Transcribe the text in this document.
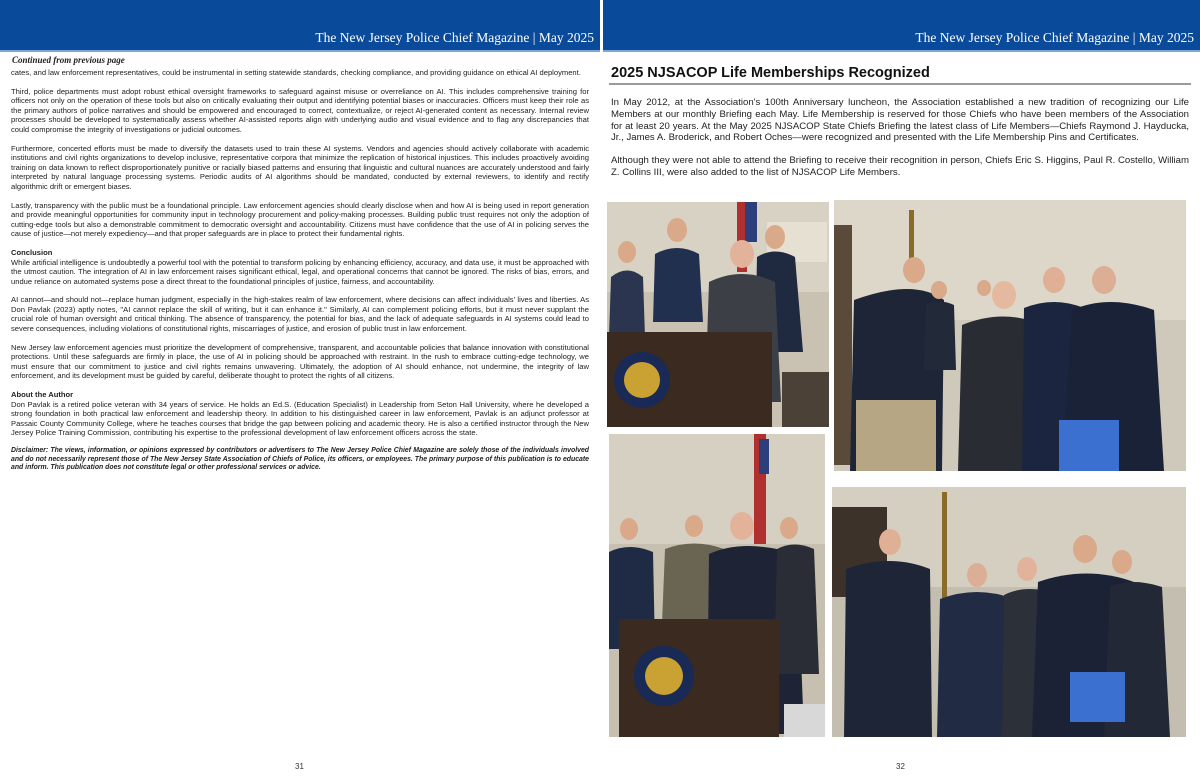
The New Jersey Police Chief Magazine | May 2025	The New Jersey Police Chief Magazine | May 2025
Continued from previous page

cates, and law enforcement representatives, could be instrumental in setting statewide standards, checking compliance, and providing guidance on ethical AI deployment.

Third, police departments must adopt robust ethical oversight frameworks to safeguard against misuse or overreliance on AI. This includes comprehensive training for officers not only on the operation of these tools but also on critically evaluating their output and identifying potential biases or inaccuracies. Officers must keep their role as the primary authors of police narratives and should be empowered and encouraged to correct, contextualize, or reject AI-generated content as necessary. Internal review processes should be developed to systematically assess whether AI-assisted reports align with underlying audio and visual evidence and to flag any discrepancies that could compromise the integrity of investigations or judicial outcomes.

Furthermore, concerted efforts must be made to diversify the datasets used to train these AI systems. Vendors and agencies should actively collaborate with academic institutions and civil rights organizations to develop inclusive, representative corpora that minimize the replication of historical injustices. This includes proactively avoiding training on data known to reflect disproportionately punitive or racially biased patterns and ensuring that linguistic and cultural nuances are accurately understood and fairly interpreted by natural language processing systems. Periodic audits of AI algorithms should be mandated, conducted by external reviewers, to identify and rectify algorithmic drift or emergent biases.

Lastly, transparency with the public must be a foundational principle. Law enforcement agencies should clearly disclose when and how AI is being used in report generation and provide meaningful opportunities for community input in technology procurement and policy-making processes. Building public trust requires not only the adoption of cutting-edge tools but also a demonstrable commitment to democratic oversight and accountability. Citizens must have confidence that the use of AI in policing serves the cause of justice—not merely expediency—and that proper safeguards are in place to protect their fundamental rights.

Conclusion

While artificial intelligence is undoubtedly a powerful tool with the potential to transform policing by enhancing efficiency, accuracy, and data use, it must be approached with the utmost caution. The integration of AI in law enforcement raises significant ethical, legal, and operational concerns that cannot be ignored. The risks of bias, errors, and undue reliance on automated systems pose a direct threat to the foundational principles of justice, fairness, and accountability.

AI cannot—and should not—replace human judgment, especially in the high-stakes realm of law enforcement, where decisions can affect individuals' lives and liberties. As Don Pavlak (2023) aptly notes, "AI cannot replace the skill of writing, but it can enhance it." Similarly, AI can complement policing efforts, but it must never supplant the crucial role of human oversight and critical thinking. The absence of transparency, the potential for bias, and the lack of adequate safeguards in AI systems could lead to severe consequences, including violations of constitutional rights, miscarriages of justice, and erosion of public trust in law enforcement.

New Jersey law enforcement agencies must prioritize the development of comprehensive, transparent, and accountable policies that balance innovation with constitutional protections. Until these safeguards are firmly in place, the use of AI in policing should be approached with restraint. In the rush to embrace cutting-edge technology, we must ensure that our commitment to justice and civil rights remains unwavering. Ultimately, the adoption of AI should enhance, not undermine, the integrity of law enforcement, and its development must be guided by careful, deliberate thought to protect the rights of all citizens.

About the Author

Don Pavlak is a retired police veteran with 34 years of service. He holds an Ed.S. (Education Specialist) in Leadership from Seton Hall University, where he developed a strong foundation in both practical law enforcement and leadership theory. In addition to his distinguished career in law enforcement, Pavlak is an adjunct professor at Passaic County Community College, where he teaches courses that bridge the gap between policing and academic theory. He is also a certified instructor through the New Jersey Police Training Commission, contributing his expertise to the professional development of law enforcement officers across the state.

Disclaimer: The views, information, or opinions expressed by contributors or advertisers to The New Jersey Police Chief Magazine are solely those of the individuals involved and do not necessarily represent those of The New Jersey State Association of Chiefs of Police, its officers, or employees. The primary purpose of this publication is to educate and inform. This publication does not constitute legal or other professional services or advice.

31
2025 NJSACOP Life Memberships Recognized

In May 2012, at the Association's 100th Anniversary luncheon, the Association established a new tradition of recognizing our Life Members at our monthly Briefing each May. Life Membership is reserved for those Chiefs who have been members of the Association for at least 20 years. At the May 2025 NJSACOP State Chiefs Briefing the latest class of Life Members—Chiefs Raymond J. Hayducka, Jr., James A. Broderick, and Robert Oches—were recognized and presented with the Life Membership Pins and Certificates.

Although they were not able to attend the Briefing to receive their recognition in person, Chiefs Eric S. Higgins, Paul R. Costello, William Z. Collins III, were also added to the list of NJSACOP Life Members.

32
